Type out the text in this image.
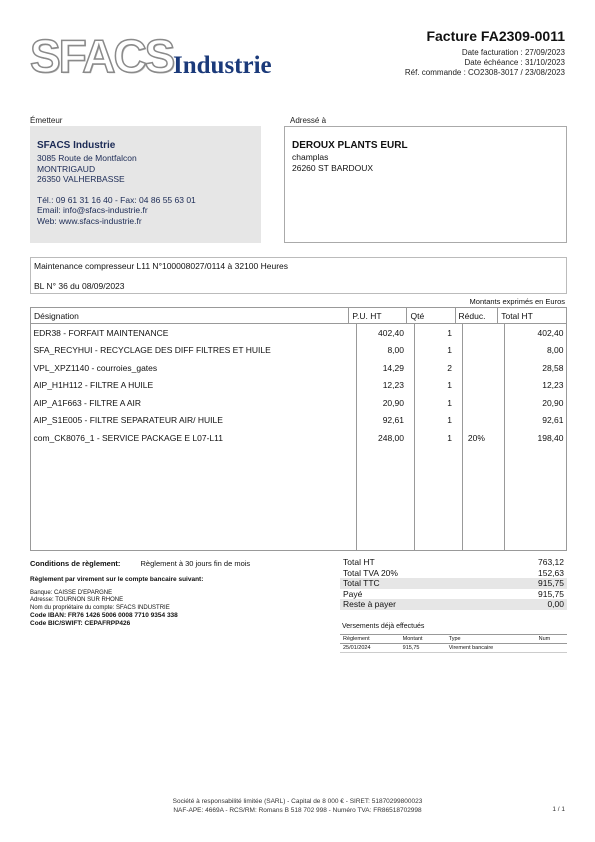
SFACS Industrie
Facture FA2309-0011
Date facturation : 27/09/2023
Date échéance : 31/10/2023
Réf. commande : CO2308-3017 / 23/08/2023
Émetteur
SFACS Industrie
3085 Route de Montfalcon
MONTRIGAUD
26350 VALHERBASSE
Tél.: 09 61 31 16 40 - Fax: 04 86 55 63 01
Email: info@sfacs-industrie.fr
Web: www.sfacs-industrie.fr
Adressé à
DEROUX PLANTS EURL
champlas
26260 ST BARDOUX
Maintenance compresseur L11 N°100008027/0114 à 32100 Heures
BL N° 36 du 08/09/2023
Montants exprimés en Euros
Désignation	P.U. HT	Qté	Réduc.	Total HT
EDR38 - FORFAIT MAINTENANCE	402,40	1		402,40
SFA_RECYHUI - RECYCLAGE DES DIFF FILTRES ET HUILE	8,00	1		8,00
VPL_XPZ1140 - courroies_gates	14,29	2		28,58
AIP_H1H112 - FILTRE A HUILE	12,23	1		12,23
AIP_A1F663 - FILTRE A AIR	20,90	1		20,90
AIP_S1E005 - FILTRE SEPARATEUR AIR/ HUILE	92,61	1		92,61
com_CK8076_1 - SERVICE PACKAGE E L07-L11	248,00	1	20%	198,40
Conditions de règlement:	Règlement à 30 jours fin de mois
Règlement par virement sur le compte bancaire suivant:
Banque: CAISSE D'EPARGNE
Adresse: TOURNON SUR RHONE
Nom du propriétaire du compte: SFACS INDUSTRIE
Code IBAN: FR76 1426 5006 0008 7710 9354 338
Code BIC/SWIFT: CEPAFRPP426
Total HT	763,12
Total TVA 20%	152,63
Total TTC	915,75
Payé	915,75
Reste à payer	0,00
Versements déjà effectués
Règlement	Montant	Type	Num
25/01/2024	915,75	Virement bancaire	
Société à responsabilité limitée (SARL) - Capital de 8 000 € - SIRET: 51870299800023
NAF-APE: 4669A - RCS/RM: Romans B 518 702 998 - Numéro TVA: FR86518702998	1 / 1
